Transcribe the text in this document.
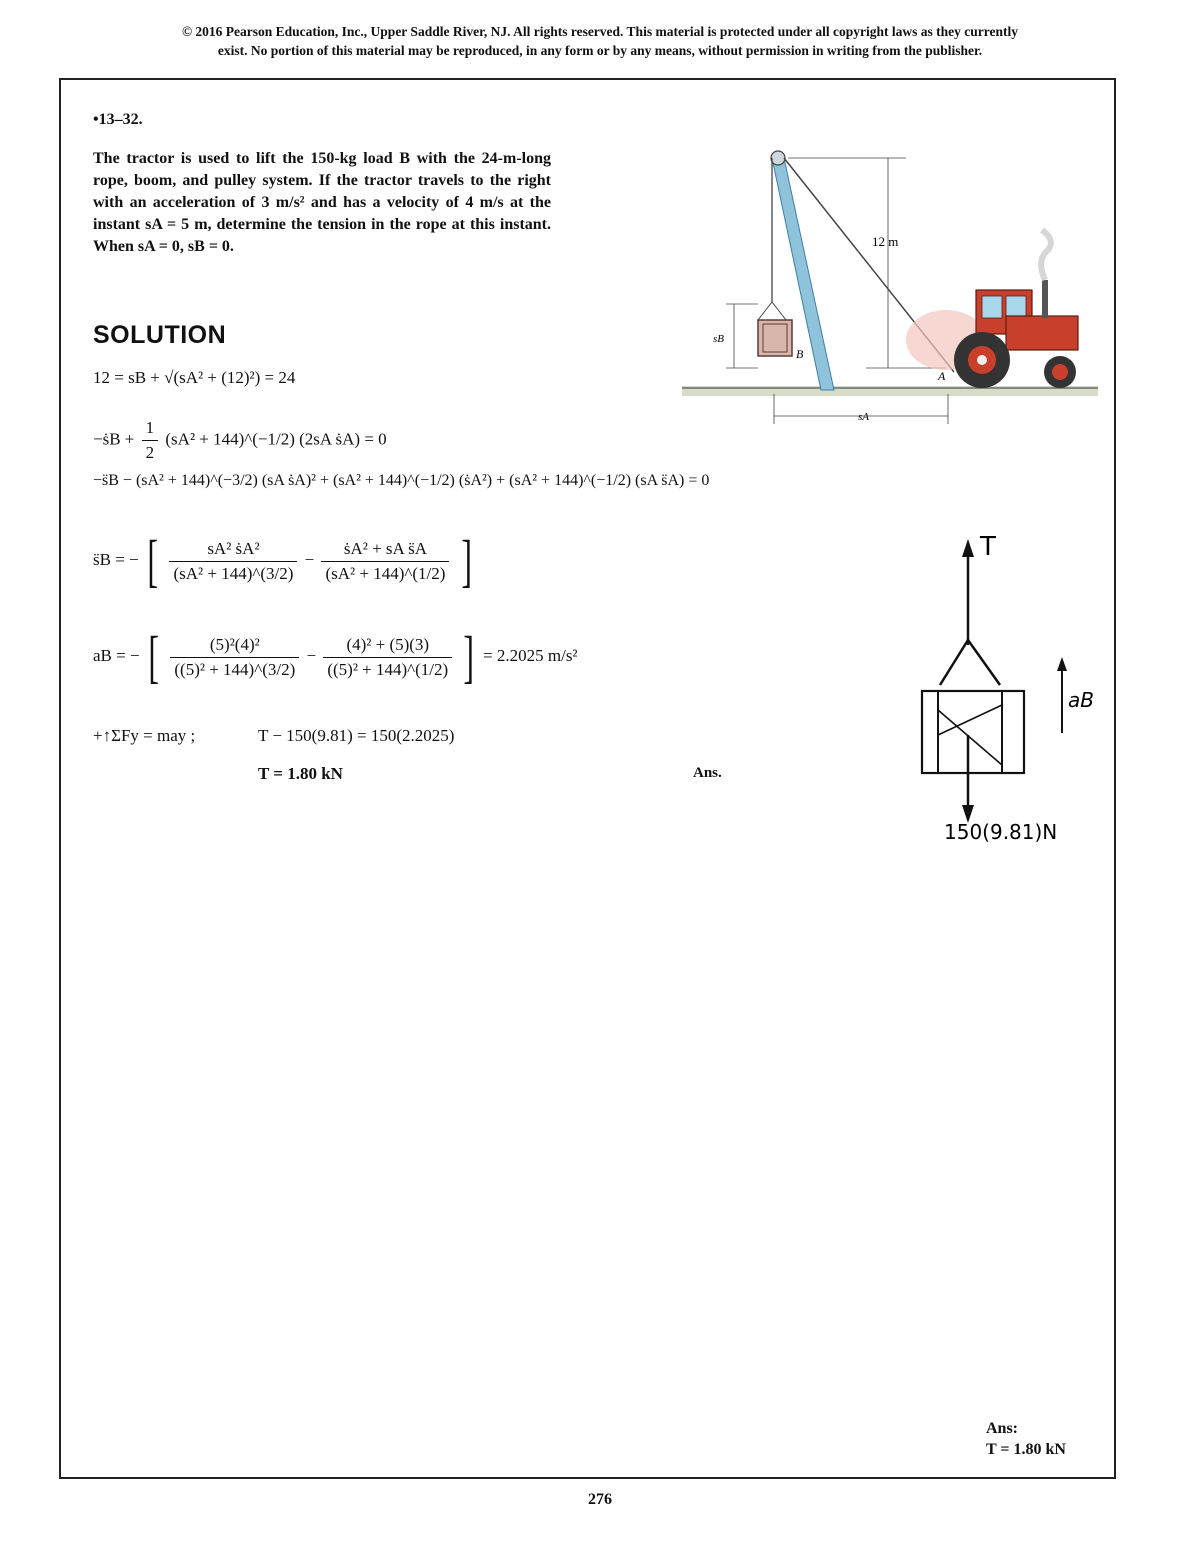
© 2016 Pearson Education, Inc., Upper Saddle River, NJ. All rights reserved. This material is protected under all copyright laws as they currently
exist. No portion of this material may be reproduced, in any form or by any means, without permission in writing from the publisher.
•13–32.
The tractor is used to lift the 150-kg load B with the 24-m-long rope, boom, and pulley system. If the tractor travels to the right with an acceleration of 3 m/s² and has a velocity of 4 m/s at the instant sA = 5 m, determine the tension in the rope at this instant. When sA = 0, sB = 0.
sB
B
12 m
A
sA
SOLUTION
12 = sB + √(sA² + (12)²) = 24
−ṡB + $\frac{1}{2} (sA^2$ + 144)^(−1/2) (2sA ṡA) = 0
−s̈B − (sA² + 144)^(−3/2) (sA ṡA)² + (sA² + 144)^(−1/2) (ṡA²) + (sA² + 144)^(−1/2) (sA s̈A) = 0
s̈B = − [ $\frac{\text{sA² ṡA²}}{\text{(sA² + 144)\textasciicircum{}(3/2)}} - \frac{\text{ṡA² + sA s̈A}}{\text{(sA² + 144)\textasciicircum{}(1/2)}}$ ]
aB = − [ $\frac{\text{(5)²(4)²}}{\text{((5)² + 144)\textasciicircum{}(3/2)}} - \frac{\text{(4)² + (5)(3)}}{\text{((5)² + 144)\textasciicircum{}(1/2)}}$ ] = 2.2025 m/s²
+↑ΣFy = may ;	T − 150(9.81) = 150(2.2025)
T = 1.80 kN	Ans.
T
aB
150(9.81)N
Ans:
T = 1.80 kN
276
